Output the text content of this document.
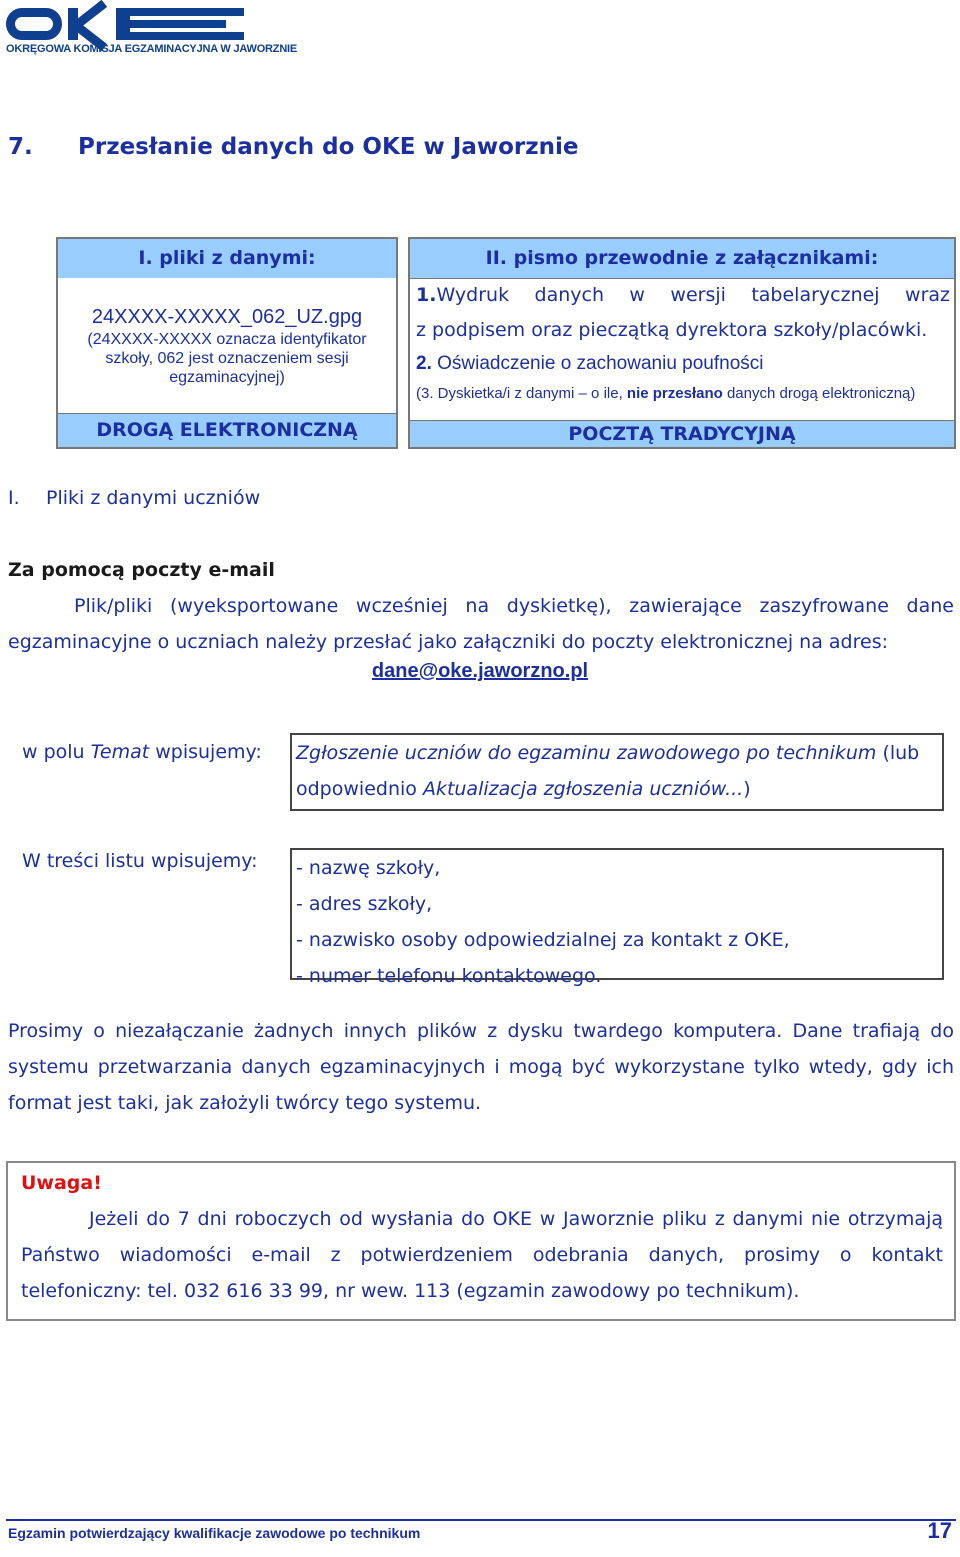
OKRĘGOWA KOMISJA EGZAMINACYJNA W JAWORZNIE
7. Przesłanie danych do OKE w Jaworznie
I. pliki z danymi:
24XXXX-XXXXX_062_UZ.gpg
(24XXXX-XXXXX oznacza identyfikator szkoły, 062 jest oznaczeniem sesji egzaminacyjnej)
DROGĄ ELEKTRONICZNĄ
II. pismo przewodnie z załącznikami:
1.Wydruk danych w wersji tabelarycznej wraz
z podpisem oraz pieczątką dyrektora szkoły/placówki.
2. Oświadczenie o zachowaniu poufności
(3. Dyskietka/i z danymi – o ile, nie przesłano danych drogą elektroniczną)
POCZTĄ TRADYCYJNĄ
I. Pliki z danymi uczniów
Za pomocą poczty e-mail
Plik/pliki (wyeksportowane wcześniej na dyskietkę), zawierające zaszyfrowane dane egzaminacyjne o uczniach należy przesłać jako załączniki do poczty elektronicznej na adres:
dane@oke.jaworzno.pl
w polu Temat wpisujemy: Zgłoszenie uczniów do egzaminu zawodowego po technikum (lub
odpowiednio Aktualizacja zgłoszenia uczniów...)
W treści listu wpisujemy: - nazwę szkoły,
- adres szkoły,
- nazwisko osoby odpowiedzialnej za kontakt z OKE,
- numer telefonu kontaktowego.
Prosimy o niezałączanie żadnych innych plików z dysku twardego komputera. Dane trafiają do systemu przetwarzania danych egzaminacyjnych i mogą być wykorzystane tylko wtedy, gdy ich format jest taki, jak założyli twórcy tego systemu.
Uwaga!
Jeżeli do 7 dni roboczych od wysłania do OKE w Jaworznie pliku z danymi nie otrzymają Państwo wiadomości e-mail z potwierdzeniem odebrania danych, prosimy o kontakt telefoniczny: tel. 032 616 33 99, nr wew. 113 (egzamin zawodowy po technikum).
Egzamin potwierdzający kwalifikacje zawodowe po technikum	17
